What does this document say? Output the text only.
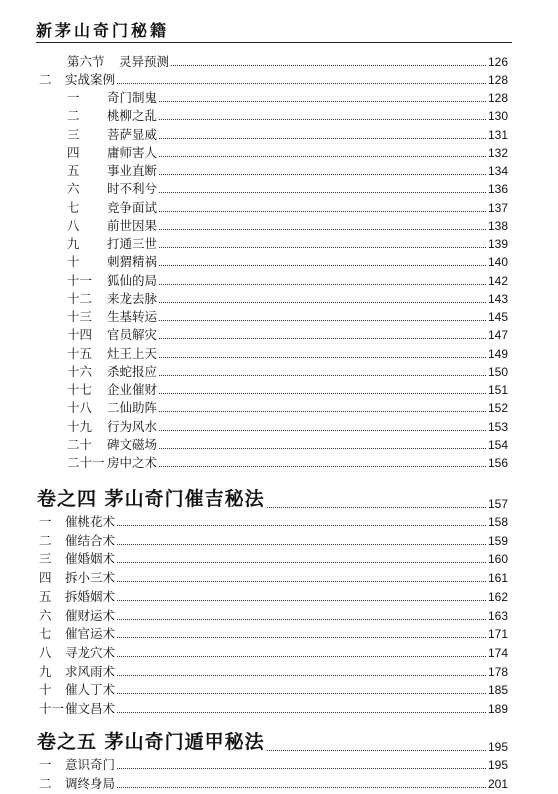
新茅山奇门秘籍
第六节	灵异预测	126
二	实战案例	128
一	奇门制鬼	128
二	桃柳之乱	130
三	菩萨显威	131
四	庸师害人	132
五	事业直断	134
六	时不利兮	136
七	竞争面试	137
八	前世因果	138
九	打通三世	139
十	刺猬精祸	140
十一	狐仙的局	142
十二	来龙去脉	143
十三	生基转运	145
十四	官员解灾	147
十五	灶王上天	149
十六	杀蛇报应	150
十七	企业催财	151
十八	二仙助阵	152
十九	行为风水	153
二十	碑文磁场	154
二十一 房中之术	156
卷之四 茅山奇门催吉秘法	157
一	催桃花术	158
二	催结合术	159
三	催婚姻术	160
四	拆小三术	161
五	拆婚姻术	162
六	催财运术	163
七	催官运术	171
八	寻龙穴术	174
九	求风雨术	178
十	催人丁术	185
十一 催文昌术	189
卷之五 茅山奇门遁甲秘法	195
一	意识奇门	195
二	调终身局	201
